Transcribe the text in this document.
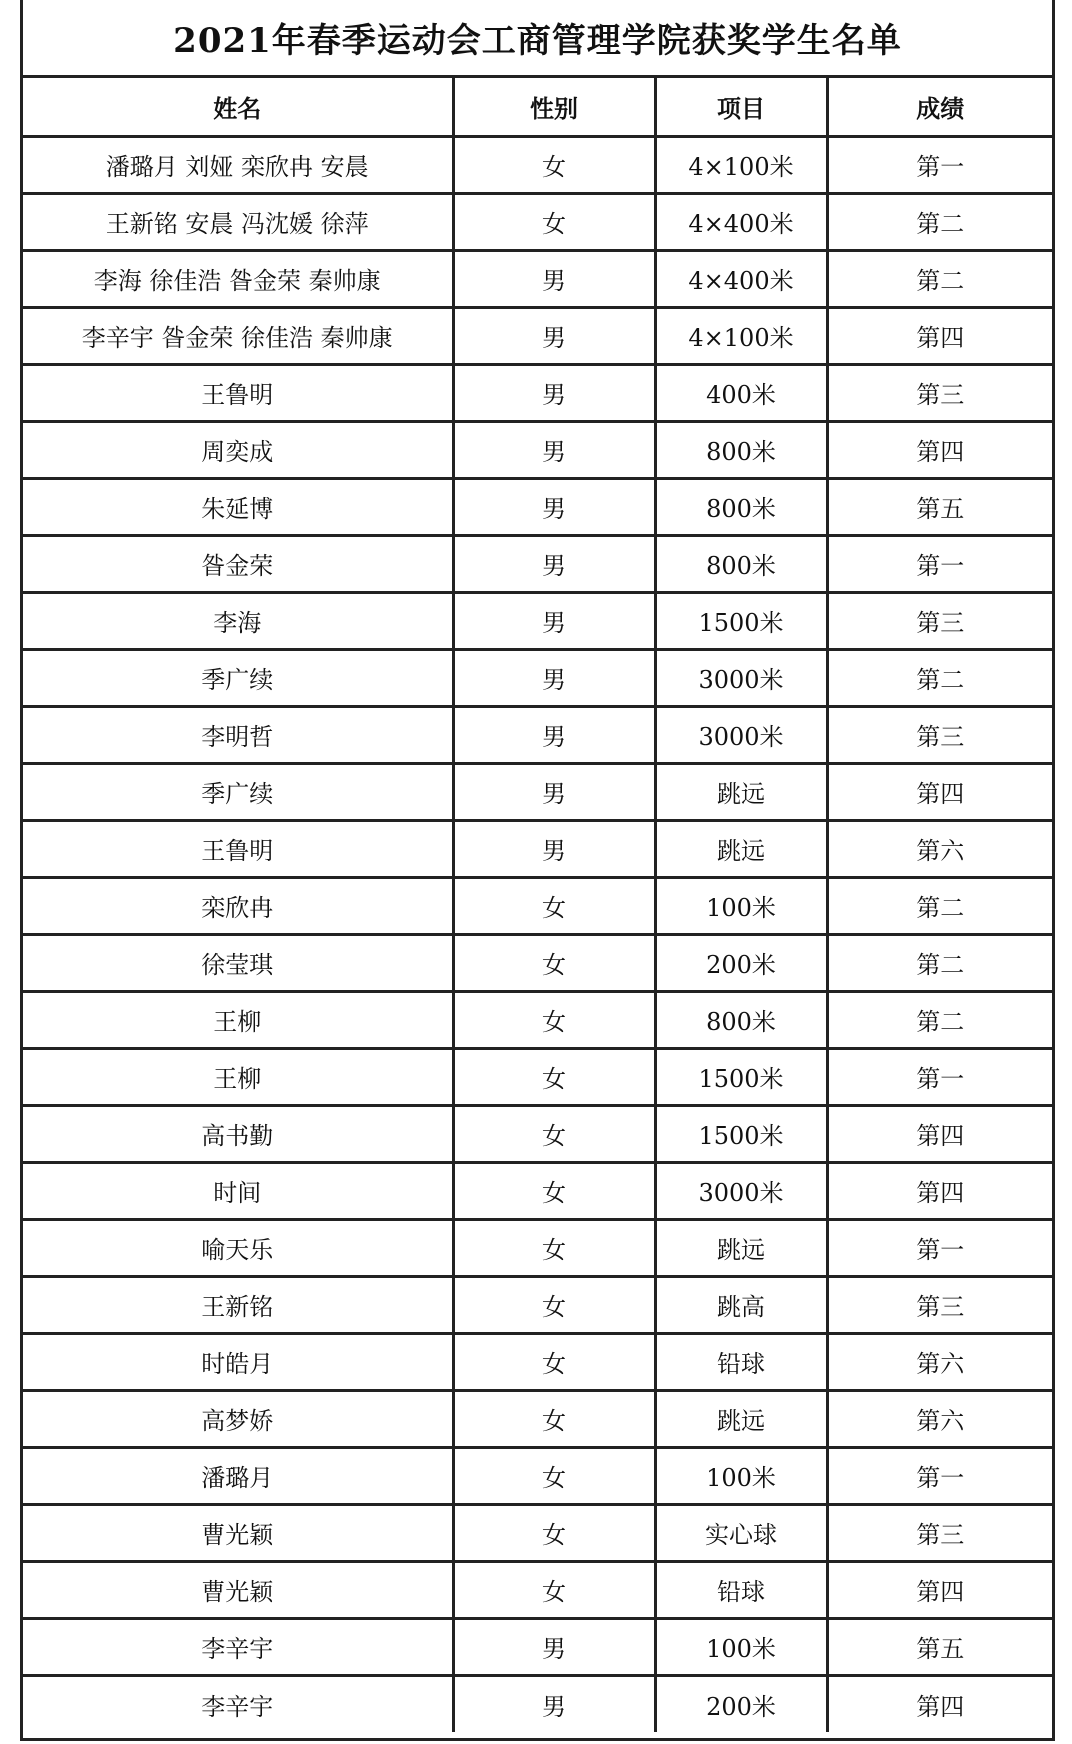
2021年春季运动会工商管理学院获奖学生名单
姓名	性别	项目	成绩
潘璐月 刘娅 栾欣冉 安晨	女	4×100米	第一
王新铭 安晨 冯沈媛 徐萍	女	4×400米	第二
李海 徐佳浩 昝金荣 秦帅康	男	4×400米	第二
李辛宇 昝金荣 徐佳浩 秦帅康	男	4×100米	第四
王鲁明	男	400米	第三
周奕成	男	800米	第四
朱延博	男	800米	第五
昝金荣	男	800米	第一
李海	男	1500米	第三
季广续	男	3000米	第二
李明哲	男	3000米	第三
季广续	男	跳远	第四
王鲁明	男	跳远	第六
栾欣冉	女	100米	第二
徐莹琪	女	200米	第二
王柳	女	800米	第二
王柳	女	1500米	第一
高书勤	女	1500米	第四
时间	女	3000米	第四
喻天乐	女	跳远	第一
王新铭	女	跳高	第三
时皓月	女	铅球	第六
高梦娇	女	跳远	第六
潘璐月	女	100米	第一
曹光颖	女	实心球	第三
曹光颖	女	铅球	第四
李辛宇	男	100米	第五
李辛宇	男	200米	第四
